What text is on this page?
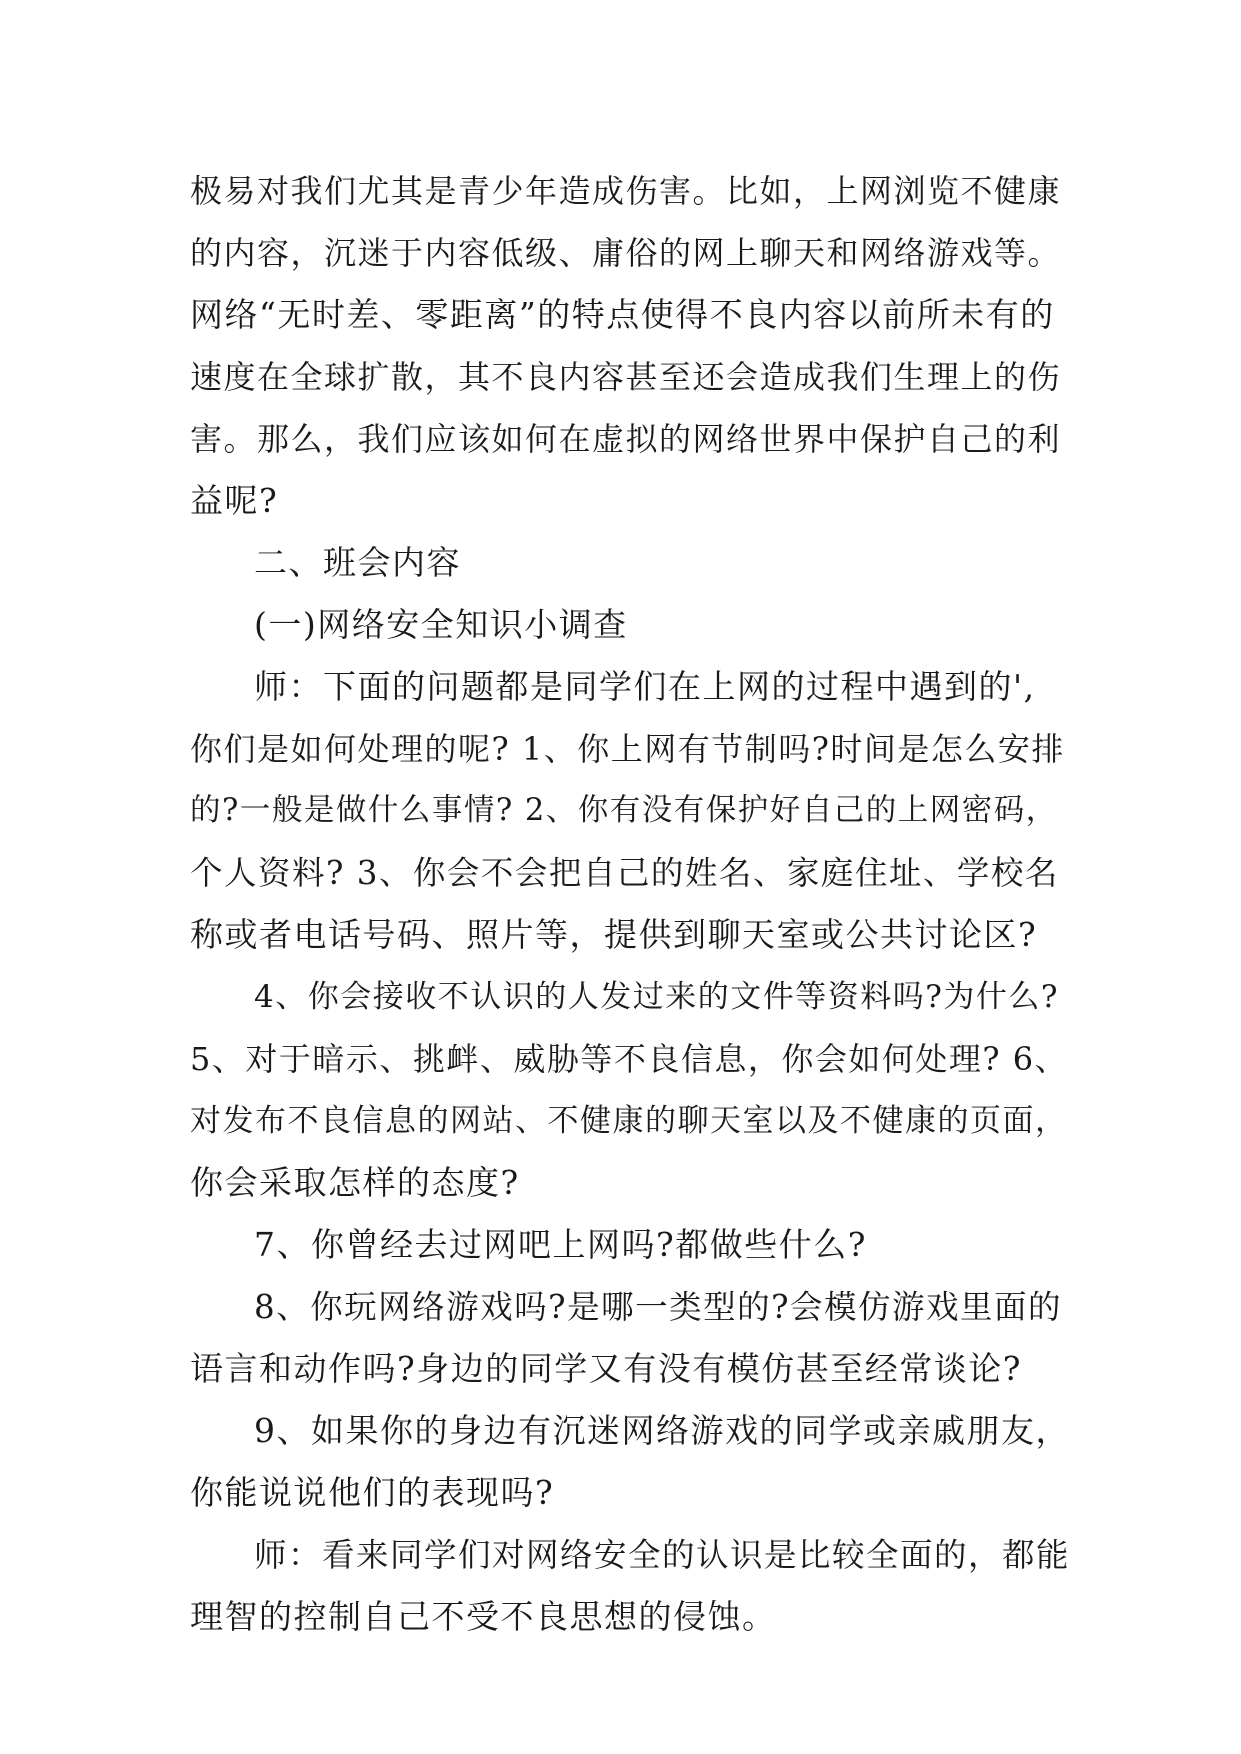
极易对我们尤其是青少年造成伤害。比如，上网浏览不健康
的内容，沉迷于内容低级、庸俗的网上聊天和网络游戏等。
网络“无时差、零距离”的特点使得不良内容以前所未有的
速度在全球扩散，其不良内容甚至还会造成我们生理上的伤
害。那么，我们应该如何在虚拟的网络世界中保护自己的利
益呢?
二、班会内容
(一)网络安全知识小调查
师：下面的问题都是同学们在上网的过程中遇到的',
你们是如何处理的呢? 1、你上网有节制吗?时间是怎么安排
的?一般是做什么事情? 2、你有没有保护好自己的上网密码，
个人资料? 3、你会不会把自己的姓名、家庭住址、学校名
称或者电话号码、照片等，提供到聊天室或公共讨论区?
4、你会接收不认识的人发过来的文件等资料吗?为什么?
5、对于暗示、挑衅、威胁等不良信息，你会如何处理? 6、
对发布不良信息的网站、不健康的聊天室以及不健康的页面，
你会采取怎样的态度?
7、你曾经去过网吧上网吗?都做些什么?
8、你玩网络游戏吗?是哪一类型的?会模仿游戏里面的
语言和动作吗?身边的同学又有没有模仿甚至经常谈论?
9、如果你的身边有沉迷网络游戏的同学或亲戚朋友，
你能说说他们的表现吗?
师：看来同学们对网络安全的认识是比较全面的，都能
理智的控制自己不受不良思想的侵蚀。
